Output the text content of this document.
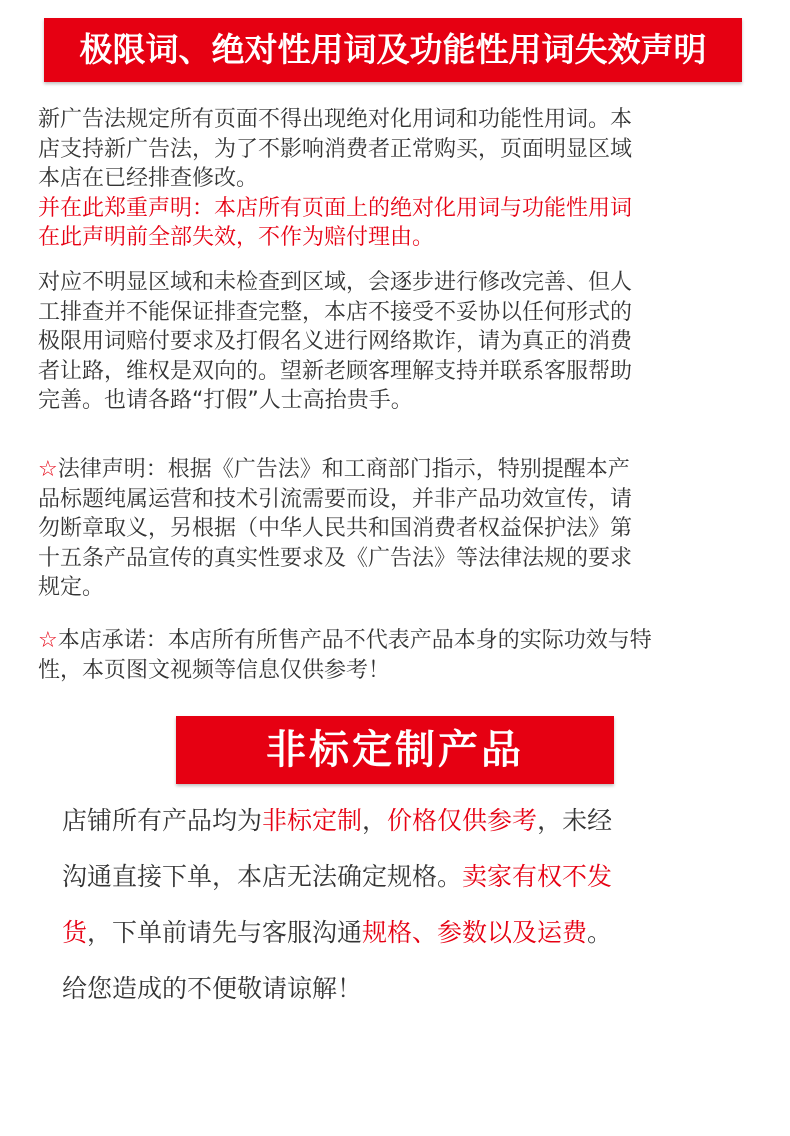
极限词、绝对性用词及功能性用词失效声明

新广告法规定所有页面不得出现绝对化用词和功能性用词。本

店支持新广告法，为了不影响消费者正常购买，页面明显区域

本店在已经排查修改。

并在此郑重声明：本店所有页面上的绝对化用词与功能性用词

在此声明前全部失效，不作为赔付理由。

对应不明显区域和未检查到区域，会逐步进行修改完善、但人

工排查并不能保证排查完整，本店不接受不妥协以任何形式的

极限用词赔付要求及打假名义进行网络欺诈，请为真正的消费

者让路，维权是双向的。望新老顾客理解支持并联系客服帮助

完善。也请各路“打假”人士高抬贵手。

☆法律声明：根据《广告法》和工商部门指示，特别提醒本产

品标题纯属运营和技术引流需要而设，并非产品功效宣传，请

勿断章取义，另根据（中华人民共和国消费者权益保护法》第

十五条产品宣传的真实性要求及《广告法》等法律法规的要求

规定。

☆本店承诺：本店所有所售产品不代表产品本身的实际功效与特

性，本页图文视频等信息仅供参考！

非标定制产品

店铺所有产品均为非标定制，价格仅供参考，未经

沟通直接下单，本店无法确定规格。卖家有权不发

货，下单前请先与客服沟通规格、参数以及运费。

给您造成的不便敬请谅解！
